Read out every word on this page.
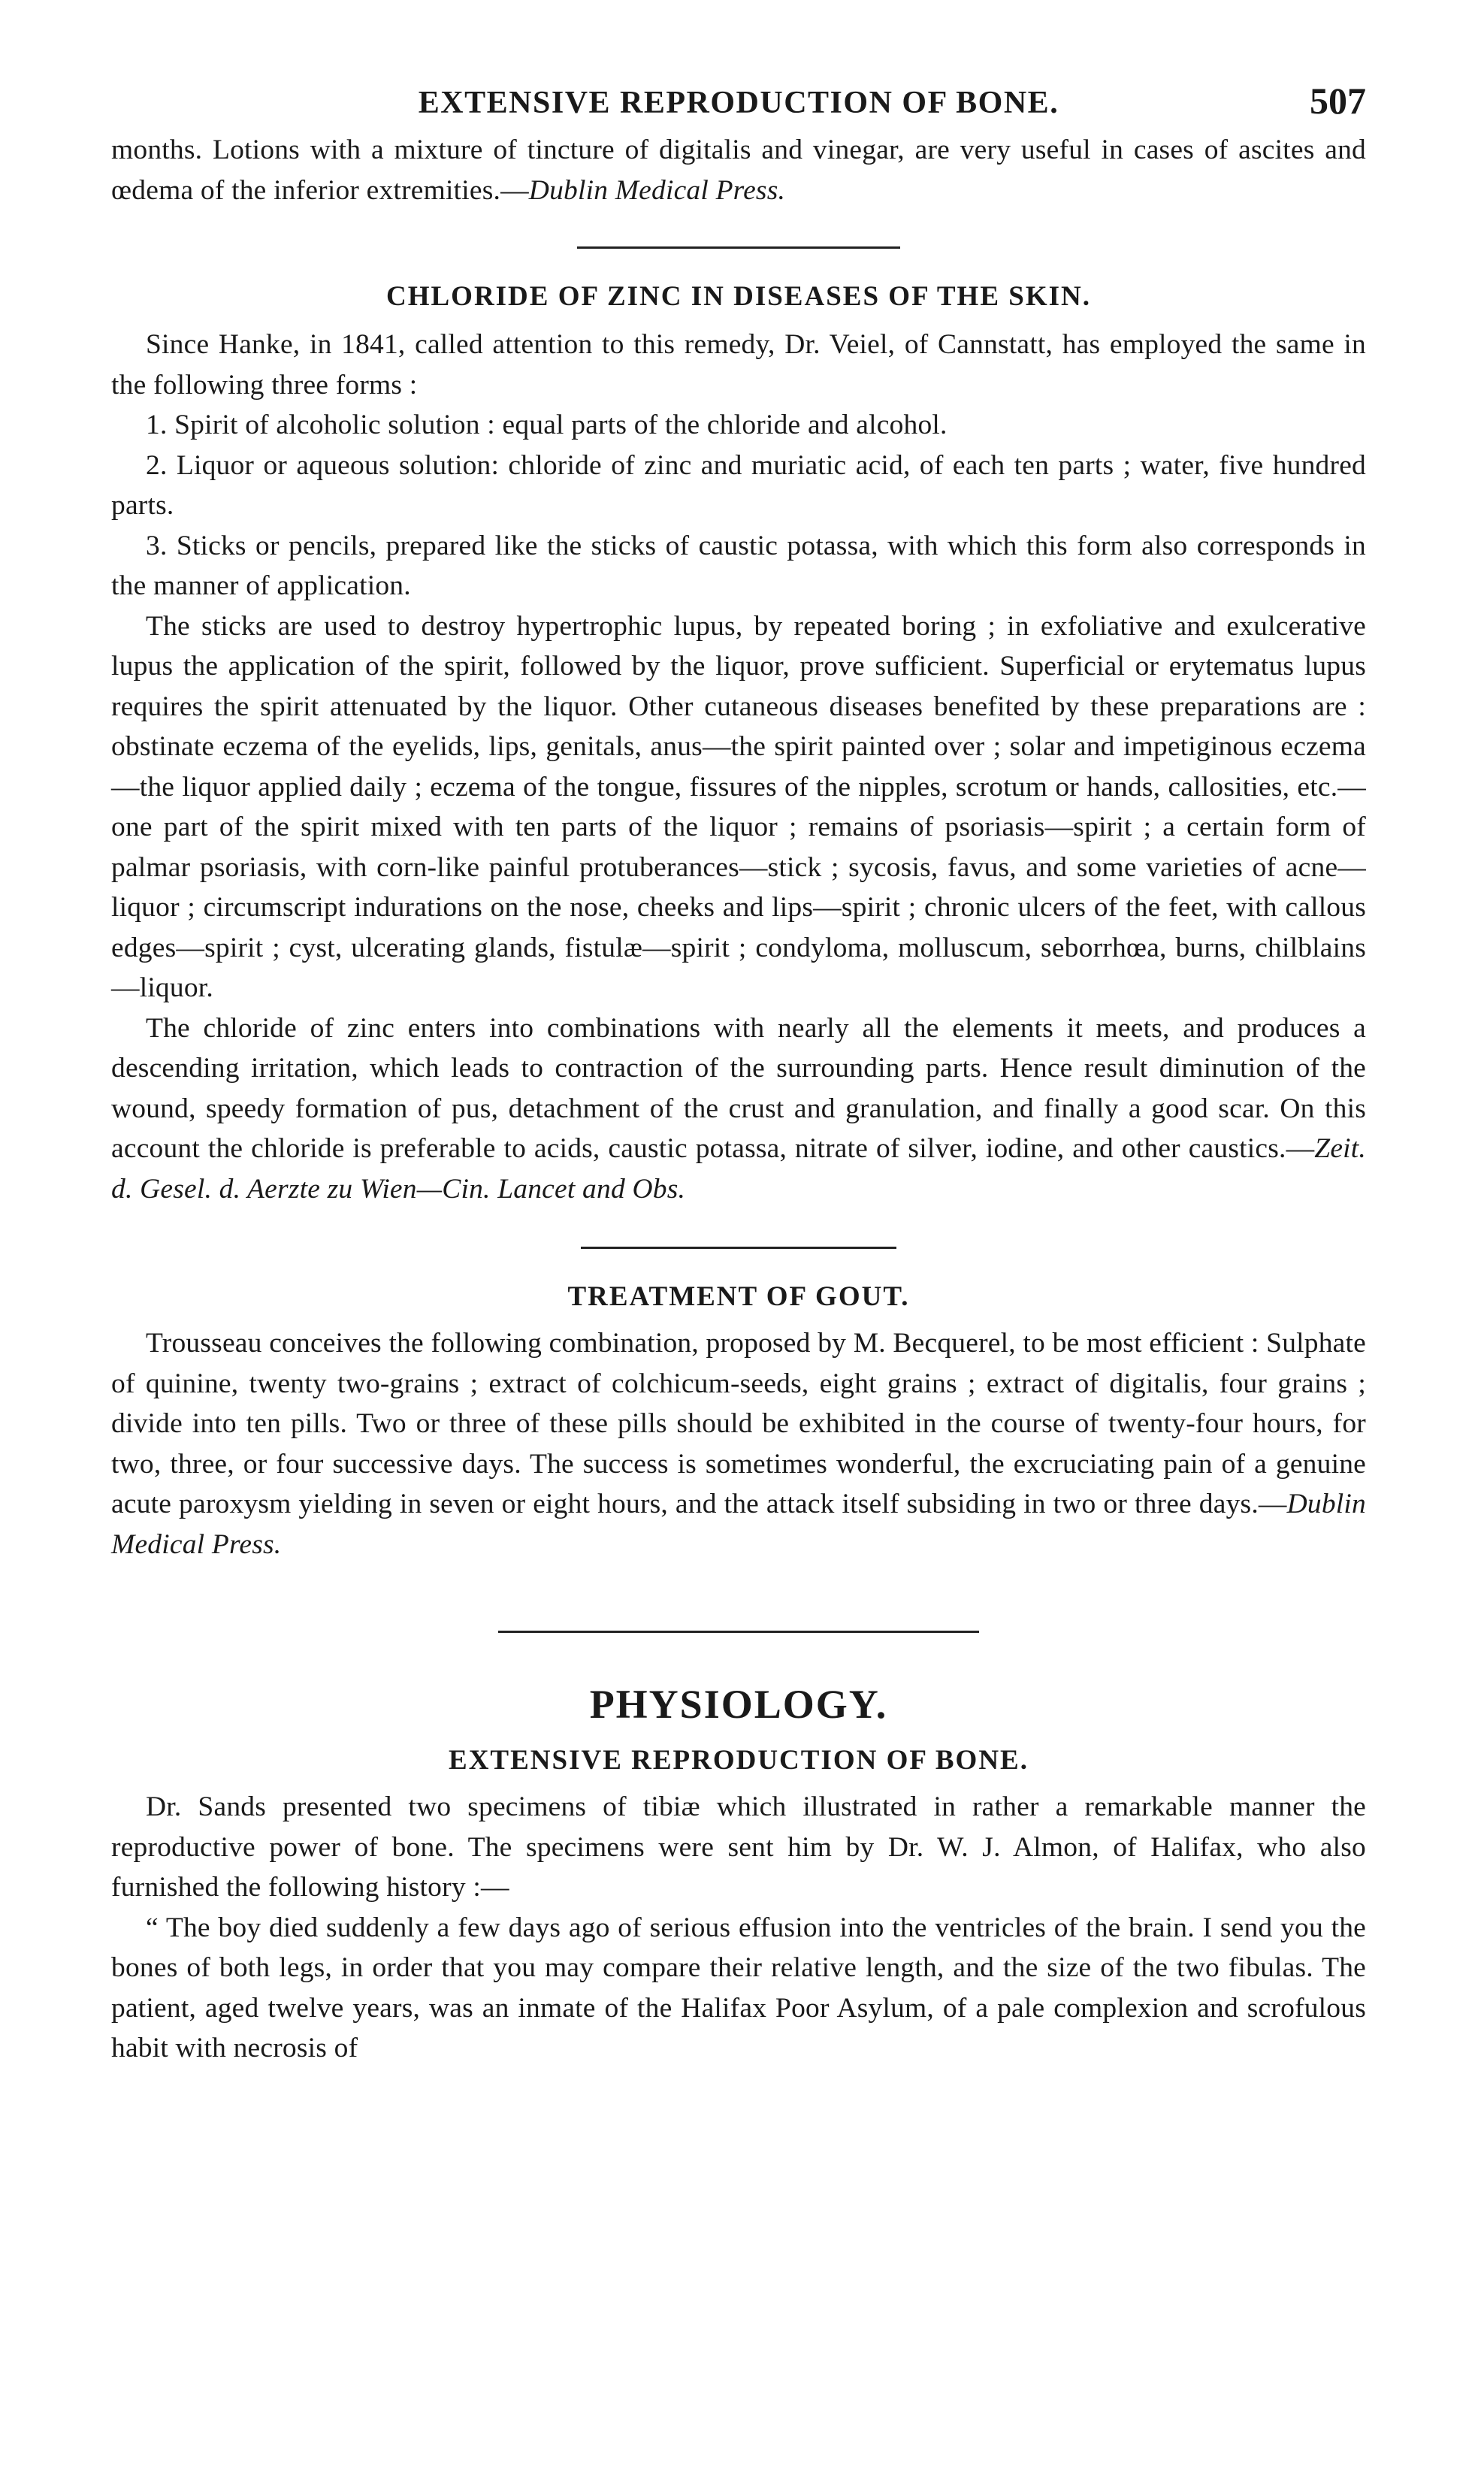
EXTENSIVE REPRODUCTION OF BONE.	507

months. Lotions with a mixture of tincture of digitalis and vinegar, are very useful in cases of ascites and œdema of the inferior extremities.—Dublin Medical Press.

CHLORIDE OF ZINC IN DISEASES OF THE SKIN.

Since Hanke, in 1841, called attention to this remedy, Dr. Veiel, of Cannstatt, has employed the same in the following three forms :

1. Spirit of alcoholic solution : equal parts of the chloride and alcohol.

2. Liquor or aqueous solution: chloride of zinc and muriatic acid, of each ten parts ; water, five hundred parts.

3. Sticks or pencils, prepared like the sticks of caustic potassa, with which this form also corresponds in the manner of application.

The sticks are used to destroy hypertrophic lupus, by repeated boring ; in exfoliative and exulcerative lupus the application of the spirit, followed by the liquor, prove sufficient. Superficial or erytematus lupus requires the spirit attenuated by the liquor. Other cutaneous diseases benefited by these preparations are : obstinate eczema of the eyelids, lips, genitals, anus—the spirit painted over ; solar and impetiginous eczema—the liquor applied daily ; eczema of the tongue, fissures of the nipples, scrotum or hands, callosities, etc.—one part of the spirit mixed with ten parts of the liquor ; remains of psoriasis—spirit ; a certain form of palmar psoriasis, with corn-like painful protuberances—stick ; sycosis, favus, and some varieties of acne—liquor ; circumscript indurations on the nose, cheeks and lips—spirit ; chronic ulcers of the feet, with callous edges—spirit ; cyst, ulcerating glands, fistulæ—spirit ; condyloma, molluscum, seborrhœa, burns, chilblains—liquor.

The chloride of zinc enters into combinations with nearly all the elements it meets, and produces a descending irritation, which leads to contraction of the surrounding parts. Hence result diminution of the wound, speedy formation of pus, detachment of the crust and granulation, and finally a good scar. On this account the chloride is preferable to acids, caustic potassa, nitrate of silver, iodine, and other caustics.—Zeit. d. Gesel. d. Aerzte zu Wien—Cin. Lancet and Obs.

TREATMENT OF GOUT.

Trousseau conceives the following combination, proposed by M. Becquerel, to be most efficient : Sulphate of quinine, twenty two-grains ; extract of colchicum-seeds, eight grains ; extract of digitalis, four grains ; divide into ten pills. Two or three of these pills should be exhibited in the course of twenty-four hours, for two, three, or four successive days. The success is sometimes wonderful, the excruciating pain of a genuine acute paroxysm yielding in seven or eight hours, and the attack itself subsiding in two or three days.—Dublin Medical Press.

PHYSIOLOGY.
EXTENSIVE REPRODUCTION OF BONE.

Dr. Sands presented two specimens of tibiæ which illustrated in rather a remarkable manner the reproductive power of bone. The specimens were sent him by Dr. W. J. Almon, of Halifax, who also furnished the following history :—

“ The boy died suddenly a few days ago of serious effusion into the ventricles of the brain. I send you the bones of both legs, in order that you may compare their relative length, and the size of the two fibulas. The patient, aged twelve years, was an inmate of the Halifax Poor Asylum, of a pale complexion and scrofulous habit with necrosis of
